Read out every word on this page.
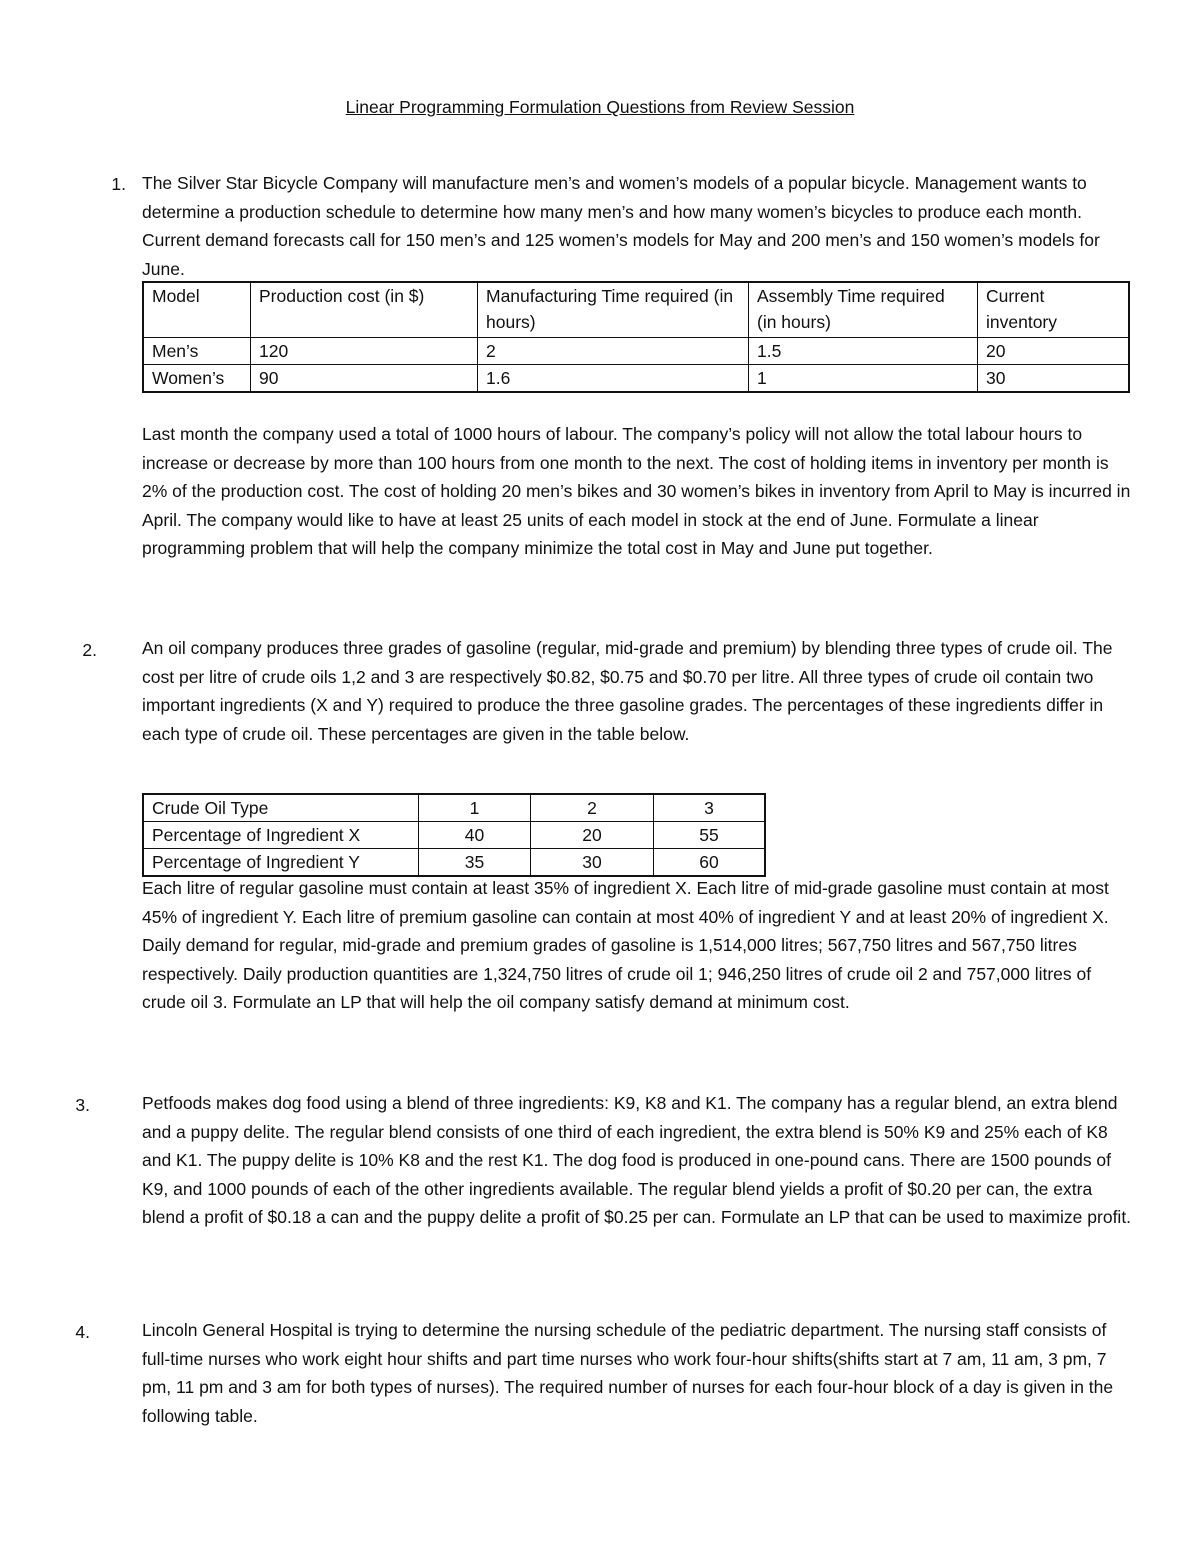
Linear Programming Formulation Questions from Review Session
1. The Silver Star Bicycle Company will manufacture men’s and women’s models of a popular bicycle. Management wants to determine a production schedule to determine how many men’s and how many women’s bicycles to produce each month. Current demand forecasts call for 150 men’s and 125 women’s models for May and 200 men’s and 150 women’s models for June.

Model	Production cost (in $)	Manufacturing Time required (in hours)	Assembly Time required (in hours)	Current inventory
Men’s	120	2	1.5	20
Women’s	90	1.6	1	30

Last month the company used a total of 1000 hours of labour. The company’s policy will not allow the total labour hours to increase or decrease by more than 100 hours from one month to the next. The cost of holding items in inventory per month is 2% of the production cost. The cost of holding 20 men’s bikes and 30 women’s bikes in inventory from April to May is incurred in April. The company would like to have at least 25 units of each model in stock at the end of June. Formulate a linear programming problem that will help the company minimize the total cost in May and June put together.

2.	An oil company produces three grades of gasoline (regular, mid-grade and premium) by blending three types of crude oil. The cost per litre of crude oils 1,2 and 3 are respectively $0.82, $0.75 and $0.70 per litre. All three types of crude oil contain two important ingredients (X and Y) required to produce the three gasoline grades. The percentages of these ingredients differ in each type of crude oil. These percentages are given in the table below.

Crude Oil Type	1	2	3
Percentage of Ingredient X	40	20	55
Percentage of Ingredient Y	35	30	60

Each litre of regular gasoline must contain at least 35% of ingredient X. Each litre of mid-grade gasoline must contain at most 45% of ingredient Y. Each litre of premium gasoline can contain at most 40% of ingredient Y and at least 20% of ingredient X. Daily demand for regular, mid-grade and premium grades of gasoline is 1,514,000 litres; 567,750 litres and 567,750 litres respectively. Daily production quantities are 1,324,750 litres of crude oil 1; 946,250 litres of crude oil 2 and 757,000 litres of crude oil 3. Formulate an LP that will help the oil company satisfy demand at minimum cost.

3.	Petfoods makes dog food using a blend of three ingredients: K9, K8 and K1. The company has a regular blend, an extra blend and a puppy delite. The regular blend consists of one third of each ingredient, the extra blend is 50% K9 and 25% each of K8 and K1. The puppy delite is 10% K8 and the rest K1. The dog food is produced in one-pound cans. There are 1500 pounds of K9, and 1000 pounds of each of the other ingredients available. The regular blend yields a profit of $0.20 per can, the extra blend a profit of $0.18 a can and the puppy delite a profit of $0.25 per can. Formulate an LP that can be used to maximize profit.

4.	Lincoln General Hospital is trying to determine the nursing schedule of the pediatric department. The nursing staff consists of full-time nurses who work eight hour shifts and part time nurses who work four-hour shifts(shifts start at 7 am, 11 am, 3 pm, 7 pm, 11 pm and 3 am for both types of nurses). The required number of nurses for each four-hour block of a day is given in the following table.
